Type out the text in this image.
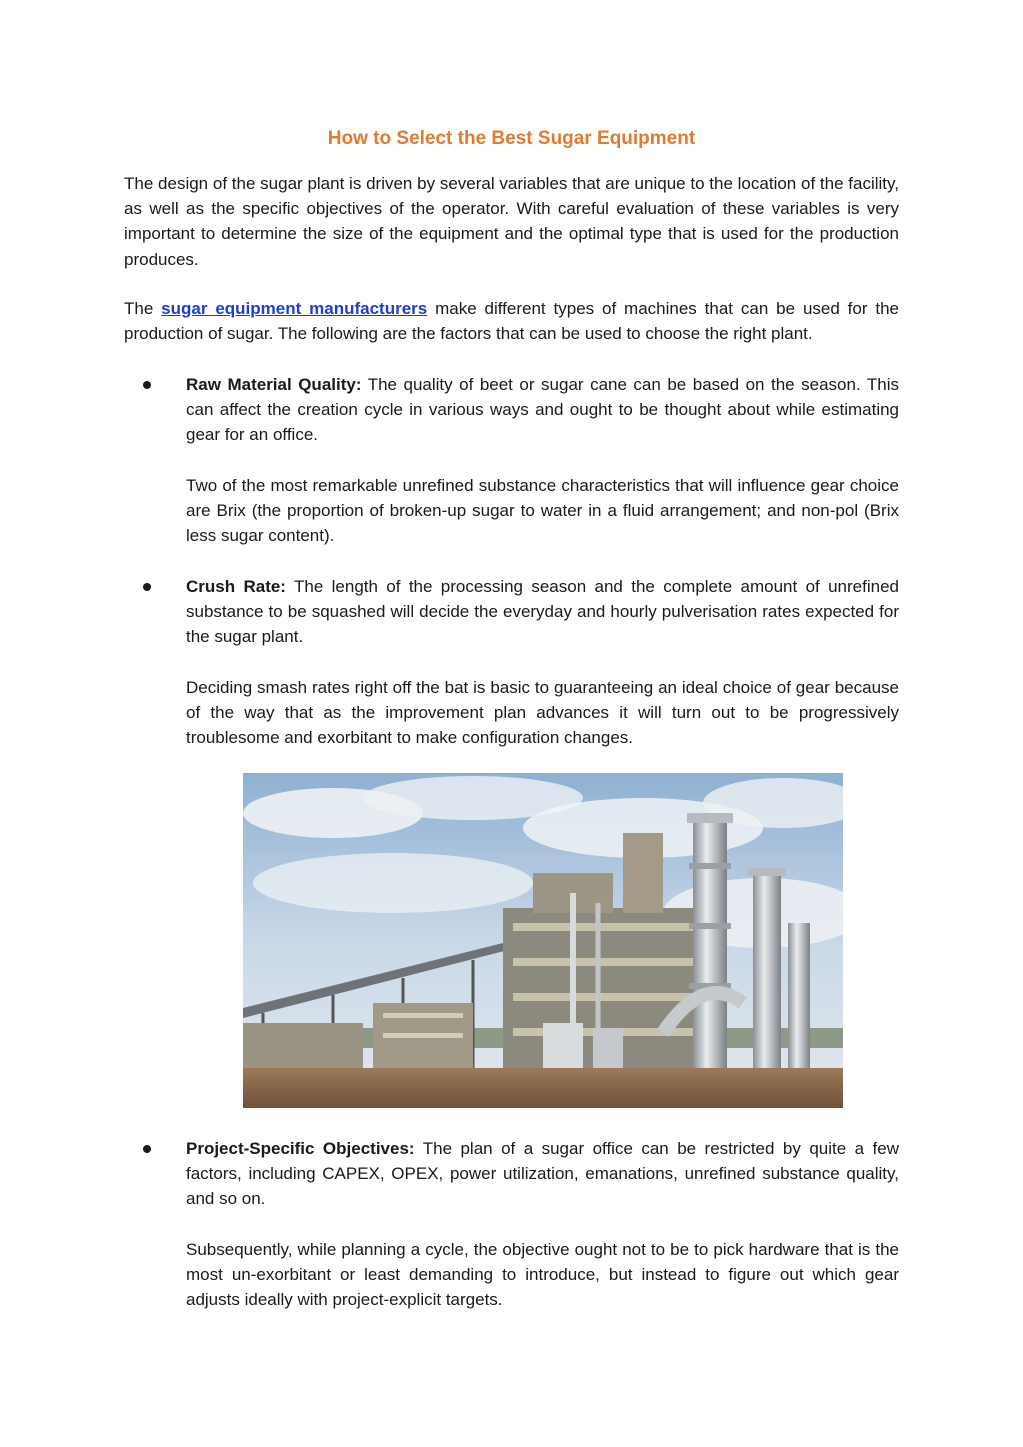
How to Select the Best Sugar Equipment
The design of the sugar plant is driven by several variables that are unique to the location of the facility, as well as the specific objectives of the operator. With careful evaluation of these variables is very important to determine the size of the equipment and the optimal type that is used for the production produces.
The sugar equipment manufacturers make different types of machines that can be used for the production of sugar. The following are the factors that can be used to choose the right plant.
Raw Material Quality: The quality of beet or sugar cane can be based on the season. This can affect the creation cycle in various ways and ought to be thought about while estimating gear for an office.
Two of the most remarkable unrefined substance characteristics that will influence gear choice are Brix (the proportion of broken-up sugar to water in a fluid arrangement; and non-pol (Brix less sugar content).
Crush Rate: The length of the processing season and the complete amount of unrefined substance to be squashed will decide the everyday and hourly pulverisation rates expected for the sugar plant.
Deciding smash rates right off the bat is basic to guaranteeing an ideal choice of gear because of the way that as the improvement plan advances it will turn out to be progressively troublesome and exorbitant to make configuration changes.
Project-Specific Objectives: The plan of a sugar office can be restricted by quite a few factors, including CAPEX, OPEX, power utilization, emanations, unrefined substance quality, and so on.
Subsequently, while planning a cycle, the objective ought not to be to pick hardware that is the most un-exorbitant or least demanding to introduce, but instead to figure out which gear adjusts ideally with project-explicit targets.
